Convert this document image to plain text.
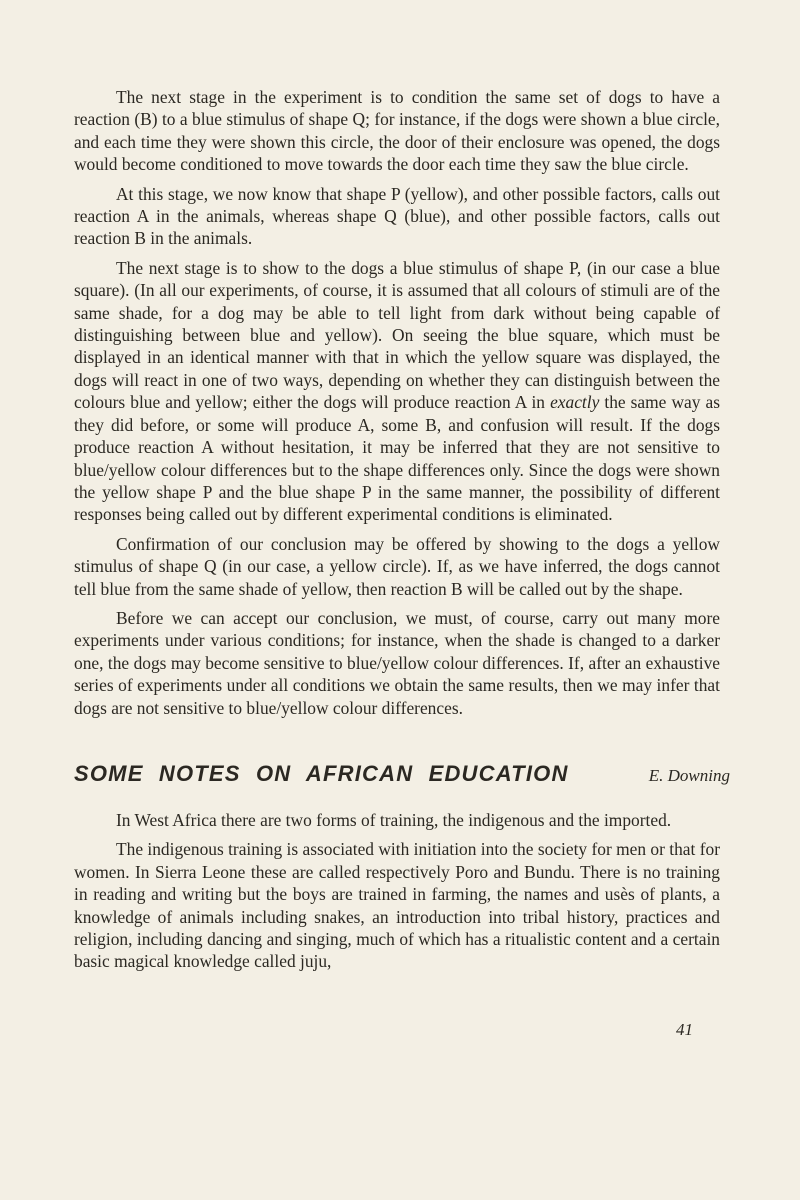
The next stage in the experiment is to condition the same set of dogs to have a reaction (B) to a blue stimulus of shape Q; for instance, if the dogs were shown a blue circle, and each time they were shown this circle, the door of their enclosure was opened, the dogs would become conditioned to move towards the door each time they saw the blue circle.

At this stage, we now know that shape P (yellow), and other possible factors, calls out reaction A in the animals, whereas shape Q (blue), and other possible factors, calls out reaction B in the animals.

The next stage is to show to the dogs a blue stimulus of shape P, (in our case a blue square). (In all our experiments, of course, it is assumed that all colours of stimuli are of the same shade, for a dog may be able to tell light from dark without being capable of distinguishing between blue and yellow). On seeing the blue square, which must be displayed in an identical manner with that in which the yellow square was displayed, the dogs will react in one of two ways, depending on whether they can distinguish between the colours blue and yellow; either the dogs will produce reaction A in exactly the same way as they did before, or some will produce A, some B, and confusion will result. If the dogs produce reaction A without hesitation, it may be inferred that they are not sensitive to blue/yellow colour differences but to the shape differences only. Since the dogs were shown the yellow shape P and the blue shape P in the same manner, the possibility of different responses being called out by different experimental conditions is eliminated.

Confirmation of our conclusion may be offered by showing to the dogs a yellow stimulus of shape Q (in our case, a yellow circle). If, as we have inferred, the dogs cannot tell blue from the same shade of yellow, then reaction B will be called out by the shape.

Before we can accept our conclusion, we must, of course, carry out many more experiments under various conditions; for instance, when the shade is changed to a darker one, the dogs may become sensitive to blue/yellow colour differences. If, after an exhaustive series of experiments under all conditions we obtain the same results, then we may infer that dogs are not sensitive to blue/yellow colour differences.

SOME NOTES ON AFRICAN EDUCATION	E. Downing

In West Africa there are two forms of training, the indigenous and the imported.

The indigenous training is associated with initiation into the society for men or that for women. In Sierra Leone these are called respectively Poro and Bundu. There is no training in reading and writing but the boys are trained in farming, the names and usès of plants, a knowledge of animals including snakes, an introduction into tribal history, practices and religion, including dancing and singing, much of which has a ritualistic content and a certain basic magical knowledge called juju,

41
